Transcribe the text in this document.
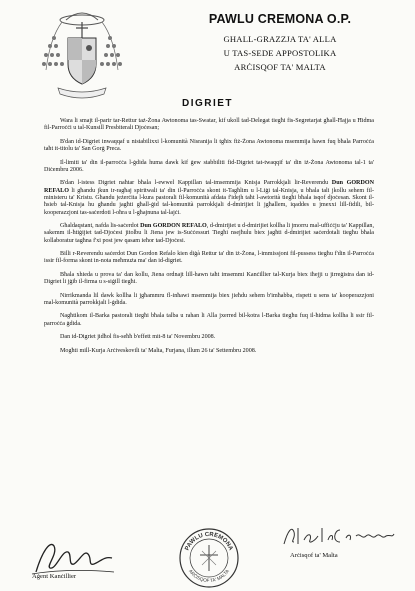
PAWLU CREMONA O.P.
GHALL-GRAZZJA TA' ALLA
U TAS-SEDE APPOSTOLIKA
ARĊISQOF TA' MALTA
DIGRIET

Wara li smajt il-parir tar-Rettur taż-Żona Awtonoma tas-Swatar, kif ukoll tad-Delegat tiegħi fis-Segretarjat għall-Ħajja u Ħidma fil-Parroċċi u tal-Kunsill Presbiterali Djoċesan;

B'dan id-Digriet inwaqqaf u nistabilixxi l-komunità Nisranija li tgħix fiż-Żona Awtonoma msemmija hawn fuq bħala Parroċċa taħt it-titolu ta' San Ġorġ Preca.

Il-limiti ta' din il-parroċċa l-ġdida huma dawk kif ġew stabbiliti fid-Digriet tat-twaqqif ta' din iż-Żona Awtonoma tal-1 ta' Diċembru 2006.

B'dan l-istess Digriet naħtar bħala l-ewwel Kappillan tal-imsemmija Knisja Parrokkjali lir-Reverendu Dun GORDON REFALO li għandu jkun ir-ragħaj spiritwali ta' din il-Parroċċa skont it-Tagħlim u l-Liġi tal-Knisja, u bħala tali jkollu sehem fil-ministeru ta' Kristu. Għandu jeżerċita l-kura pastorali fil-komunità afdata f'idejh taħt l-awtorità tiegħi bħala isqof djoċesan. Skont il-ħsieb tal-Knisja hu għandu jagħti għall-ġid tal-komunità parrokkjali d-dmirijiet li jgħallem, iqaddes u jmexxi lill-fidili, bil-kooperazzjoni tas-saċerdoti l-oħra u l-għajnuna tal-lajċi.

Għaldaqstant, nafda lis-saċerdot Dun GORDON REFALO, d-dmirijiet u d-dmirijiet kollha li jmorru mal-uffiċċju ta' Kappillan, sakemm il-ħtiġijiet tad-Djoċesi jitolbu li Jiena jew is-Suċċessuri Tiegħi nsejħulu biex jagħti d-dmirijiet saċerdotali tiegħu bħala kollaboratur tagħna f'xi post jew qasam ieħor tad-Djoċesi.

Billi r-Reverendu saċerdot Dun Gordon Refalo kien diġà Rettur ta' din iż-Żona, l-immissjoni fil-pussess tiegħu f'din il-Parroċċa issir fil-forma skont in-nota meħmuża ma' dan id-digriet.

Bħala xhieda u prova ta' dan kollu, Jiena ordnajt lill-hawn taħt imsemmi Kanċillier tal-Kurja biex iħejji u jirreġistra dan id-Digriet li jġib il-firma u s-siġill tiegħi.

Nirrikmanda lil dawk kollha li jgħammru fl-inħawi msemmija biex jieħdu sehem b'imħabba, rispett u sens ta' kooperazzjoni mal-komunità parrokkjali l-ġdida.

Nagħtikom il-Barka pastorali tiegħi bħala talba u rahan li Alla jxerred bil-kotra l-Barka tiegħu fuq il-ħidma kollha li ssir fil-parroċċa ġdida.

Dan id-Digriet jidħol fis-seħħ b'effett mit-8 ta' Novembru 2008.

Mogħti mill-Kurja Arċiveskovili ta' Malta, Furjana, illum 26 ta' Settembru 2008.

Aġent Kanċillier
PAWLU CREMONA
ARĊISQOF TA' MALTA
Arċisqof ta' Malta
